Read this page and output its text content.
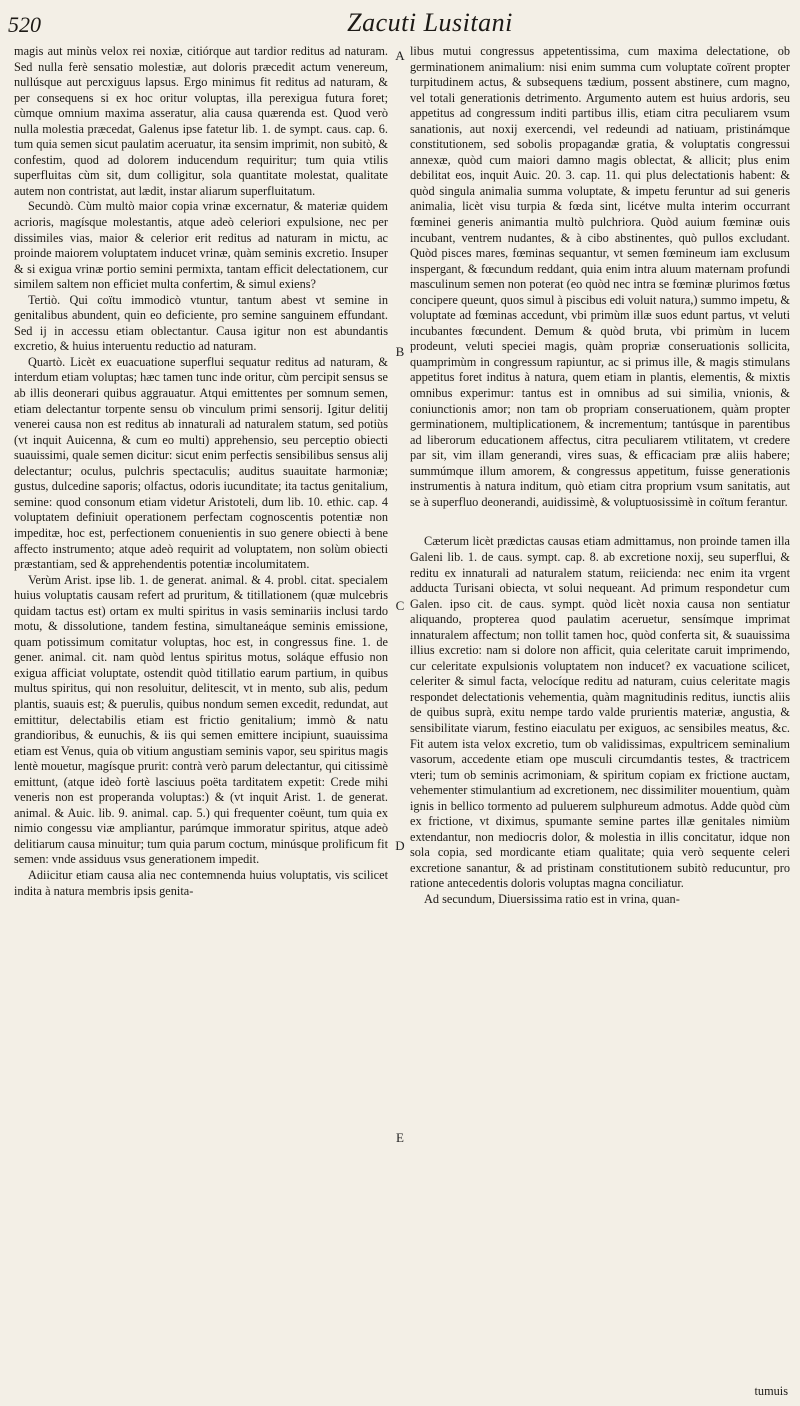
520	Zacuti Lusitani

magis aut minùs velox rei noxiæ, citiórque aut tardior reditus ad naturam. Sed nulla ferè sensatio molestiæ, aut doloris præcedit actum venereum, nullúsque aut percxiguus lapsus. Ergo minimus fit reditus ad naturam, & per consequens si ex hoc oritur voluptas, illa perexigua futura foret; cùmque omnium maxima asseratur, alia causa quærenda est. Quod verò nulla molestia præcedat, Galenus ipse fatetur lib. 1. de sympt. caus. cap. 6. tum quia semen sicut paulatim aceruatur, ita sensim imprimit, non subitò, & confestim, quod ad dolorem inducendum requiritur; tum quia vtilis superfluitas cùm sit, dum colligitur, sola quantitate molestat, qualitate autem non contristat, aut lædit, instar aliarum superfluitatum.

Secundò. Cùm multò maior copia vrinæ excernatur, & materiæ quidem acrioris, magísque molestantis, atque adeò celeriori expulsione, nec per dissimiles vias, maior & celerior erit reditus ad naturam in mictu, ac proinde maiorem voluptatem inducet vrinæ, quàm seminis excretio. Insuper & si exigua vrinæ portio semini permixta, tantam efficit delectationem, cur similem saltem non efficiet multa confertim, & simul exiens?

Tertiò. Qui coïtu immodicò vtuntur, tantum abest vt semine in genitalibus abundent, quin eo deficiente, pro semine sanguinem effundant. Sed ij in accessu etiam oblectantur. Causa igitur non est abundantis excretio, & huius interuentu reductio ad naturam.

Quartò. Licèt ex euacuatione superflui sequatur reditus ad naturam, & interdum etiam voluptas; hæc tamen tunc inde oritur, cùm percipit sensus se ab illis deonerari quibus aggrauatur. Atqui emittentes per somnum semen, etiam delectantur torpente sensu ob vinculum primi sensorij. Igitur delitij venerei causa non est reditus ab innaturali ad naturalem statum, sed potiùs (vt inquit Auicenna, & cum eo multi) apprehensio, seu perceptio obiecti suauissimi, quale semen dicitur: sicut enim perfectis sensibilibus sensus alij delectantur; oculus, pulchris spectaculis; auditus suauitate harmoniæ; gustus, dulcedine saporis; olfactus, odoris iucunditate; ita tactus genitalium, semine: quod consonum etiam videtur Aristoteli, dum lib. 10. ethic. cap. 4 voluptatem definiuit operationem perfectam cognoscentis potentiæ non impeditæ, hoc est, perfectionem conuenientis in suo genere obiecti à bene affecto instrumento; atque adeò requirit ad voluptatem, non solùm obiecti præstantiam, sed & apprehendentis potentiæ incolumitatem.

Verùm Arist. ipse lib. 1. de generat. animal. & 4. probl. citat. specialem huius voluptatis causam refert ad pruritum, & titillationem (quæ mulcebris quidam tactus est) ortam ex multi spiritus in vasis seminariis inclusi tardo motu, & dissolutione, tandem festina, simultaneáque seminis emissione, quam potissimum comitatur voluptas, hoc est, in congressus fine. 1. de gener. animal. cit. nam quòd lentus spiritus motus, soláque effusio non exigua afficiat voluptate, ostendit quòd titillatio earum partium, in quibus multus spiritus, qui non resoluitur, delitescit, vt in mento, sub alis, pedum plantis, suauis est; & puerulis, quibus nondum semen excedit, redundat, aut emittitur, delectabilis etiam est frictio genitalium; immò & natu grandioribus, & eunuchis, & iis qui semen emittere incipiunt, suauissima etiam est Venus, quia ob vitium angustiam seminis vapor, seu spiritus magis lentè mouetur, magísque prurit: contrà verò parum delectantur, qui citissimè emittunt, (atque ideò fortè lasciuus poëta tarditatem expetit: Crede mihi veneris non est properanda voluptas:) & (vt inquit Arist. 1. de generat. animal. & Auic. lib. 9. animal. cap. 5.) qui frequenter coëunt, tum quia ex nimio congessu viæ ampliantur, parúmque immoratur spiritus, atque adeò delitiarum causa minuitur; tum quia parum coctum, minúsque prolificum fit semen: vnde assiduus vsus generationem impedit.

Adiicitur etiam causa alia nec contemnenda huius voluptatis, vis scilicet indita à natura membris ipsis genita-

A
B
C
D
E

libus mutui congressus appetentissima, cum maxima delectatione, ob germinationem animalium: nisi enim summa cum voluptate coïrent propter turpitudinem actus, & subsequens tædium, possent abstinere, cum magno, vel totali generationis detrimento. Argumento autem est huius ardoris, seu appetitus ad congressum inditi partibus illis, etiam citra peculiarem vsum sanationis, aut noxij exercendi, vel redeundi ad natiuam, pristinámque constitutionem, sed sobolis propagandæ gratia, & voluptatis congressui annexæ, quòd cum maiori damno magis oblectat, & allicit; plus enim debilitat eos, inquit Auic. 20. 3. cap. 11. qui plus delectationis habent: & quòd singula animalia summa voluptate, & impetu feruntur ad sui generis animalia, licèt visu turpia & fœda sint, licétve multa interim occurrant fœminei generis animantia multò pulchriora. Quòd auium fœminæ ouis incubant, ventrem nudantes, & à cibo abstinentes, quò pullos excludant. Quòd pisces mares, fœminas sequantur, vt semen fœmineum iam exclusum inspergant, & fœcundum reddant, quia enim intra aluum maternam profundi masculinum semen non poterat (eo quòd nec intra se fœminæ plurimos fœtus concipere queunt, quos simul à piscibus edi voluit natura,) summo impetu, & voluptate ad fœminas accedunt, vbi primùm illæ suos edunt partus, vt veluti incubantes fœcundent. Demum & quòd bruta, vbi primùm in lucem prodeunt, veluti speciei magis, quàm propriæ conseruationis sollicita, quamprimùm in congressum rapiuntur, ac si primus ille, & magis stimulans appetitus foret inditus à natura, quem etiam in plantis, elementis, & mixtis omnibus experimur: tantus est in omnibus ad sui similia, vnionis, & coniunctionis amor; non tam ob propriam conseruationem, quàm propter germinationem, multiplicationem, & incrementum; tantúsque in parentibus ad liberorum educationem affectus, citra peculiarem vtilitatem, vt credere par sit, vim illam generandi, vires suas, & efficaciam præ aliis habere; summúmque illum amorem, & congressus appetitum, fuisse generationis instrumentis à natura inditum, quò etiam citra proprium vsum sanitatis, aut se à superfluo deonerandi, auidissimè, & voluptuosissimè in coïtum ferantur.

Cæterum licèt prædictas causas etiam admittamus, non proinde tamen illa Galeni lib. 1. de caus. sympt. cap. 8. ab excretione noxij, seu superflui, & reditu ex innaturali ad naturalem statum, reiicienda: nec enim ita vrgent adducta Turisani obiecta, vt solui nequeant. Ad primum respondetur cum Galen. ipso cit. de caus. sympt. quòd licèt noxia causa non sentiatur aliquando, propterea quod paulatim aceruetur, sensímque imprimat innaturalem affectum; non tollit tamen hoc, quòd conferta sit, & suauissima illius excretio: nam si dolore non afficit, quia celeritate caruit imprimendo, cur celeritate expulsionis voluptatem non inducet? ex vacuatione scilicet, celeriter & simul facta, velocíque reditu ad naturam, cuius celeritate magis respondet delectationis vehementia, quàm magnitudinis reditus, iunctis aliis de quibus suprà, exitu nempe tardo valde prurientis materiæ, angustia, & sensibilitate viarum, festino eiaculatu per exiguos, ac sensibiles meatus, &c. Fit autem ista velox excretio, tum ob validissimas, expultricem seminalium vasorum, accedente etiam ope musculi circumdantis testes, & tractricem vteri; tum ob seminis acrimoniam, & spiritum copiam ex frictione auctam, vehementer stimulantium ad excretionem, nec dissimiliter mouentium, quàm ignis in bellico tormento ad puluerem sulphureum admotus. Adde quòd cùm ex frictione, vt diximus, spumante semine partes illæ genitales nimiùm extendantur, non mediocris dolor, & molestia in illis concitatur, idque non sola copia, sed mordicante etiam qualitate; quia verò sequente celeri excretione sanantur, & ad pristinam constitutionem subitò reducuntur, pro ratione antecedentis doloris voluptas magna conciliatur.

Ad secundum, Diuersissima ratio est in vrina, quan-

tumuis
